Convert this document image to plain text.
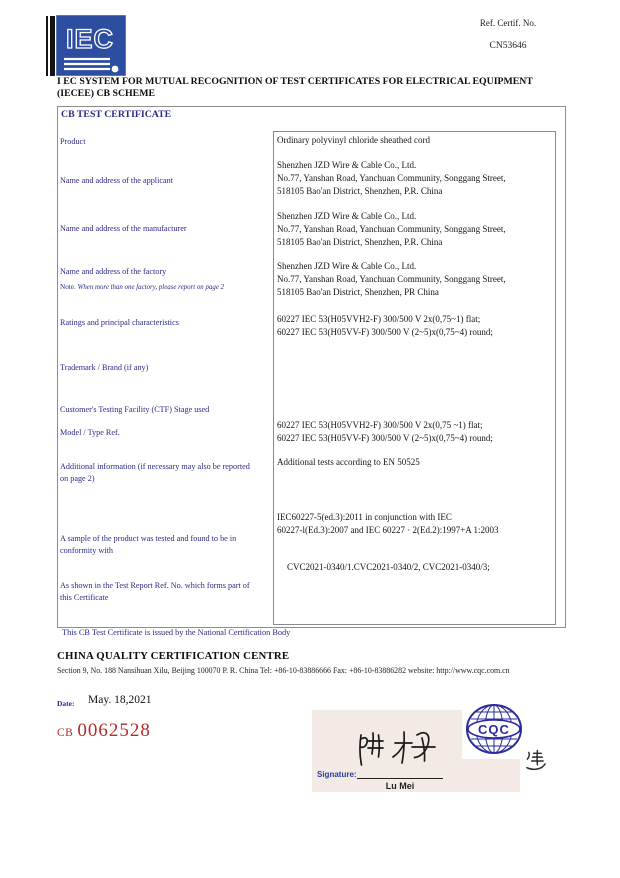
IEC
Ref. Certif. No.
CN53646
I EC SYSTEM FOR MUTUAL RECOGNITION OF TEST CERTIFICATES FOR ELECTRICAL EQUIPMENT
(IECEE) CB SCHEME
CB TEST CERTIFICATE
Product
Name and address of the applicant
Name and address of the manufacturer
Name and address of the factory
Note. When more than one factory, please report on page 2
Ratings and principal characteristics
Trademark / Brand (if any)
Customer's Testing Facility (CTF) Stage used
Model / Type Ref.
Additional information (if necessary may also be reported
on page 2)
A sample of the product was tested and found to be in
conformity with
As shown in the Test Report Ref. No. which forms part of
this Certificate
Ordinary polyvinyl chloride sheathed cord
Shenzhen JZD Wire & Cable Co., Ltd.
No.77, Yanshan Road, Yanchuan Community, Songgang Street,
518105 Bao'an District, Shenzhen, P.R. China
Shenzhen JZD Wire & Cable Co., Ltd.
No.77, Yanshan Road, Yanchuan Community, Songgang Street,
518105 Bao'an District, Shenzhen, P.R. China
Shenzhen JZD Wire & Cable Co., Ltd.
No.77, Yanshan Road, Yanchuan Community, Songgang Street,
518105 Bao'an District, Shenzhen, PR China
60227 IEC 53(H05VVH2-F) 300/500 V 2x(0,75~1) flat;
60227 IEC 53(H05VV-F) 300/500 V (2~5)x(0,75~4) round;
60227 IEC 53(H05VVH2-F) 300/500 V 2x(0,75 ~1) flat;
60227 IEC 53(H05VV-F) 300/500 V (2~5)x(0,75~4) round;
Additional tests according to EN 50525
IEC60227-5(ed.3):2011 in conjunction with IEC
60227-l(Ed.3):2007 and IEC 60227 · 2(Ed.2):1997+A 1:2003
CVC2021-0340/1.CVC2021-0340/2, CVC2021-0340/3;
This CB Test Certificate is issued by the National Certification Body
CHINA QUALITY CERTIFICATION CENTRE
Section 9, No. 188 Nansihuan Xilu, Beijing 100070 P. R. China Tel: +86-10-83886666 Fax: +86-10-83886282 website: http://www.cqc.com.cn
Date: May. 18,2021
CB 0062528	CQC
Signature:
Lu Mei
